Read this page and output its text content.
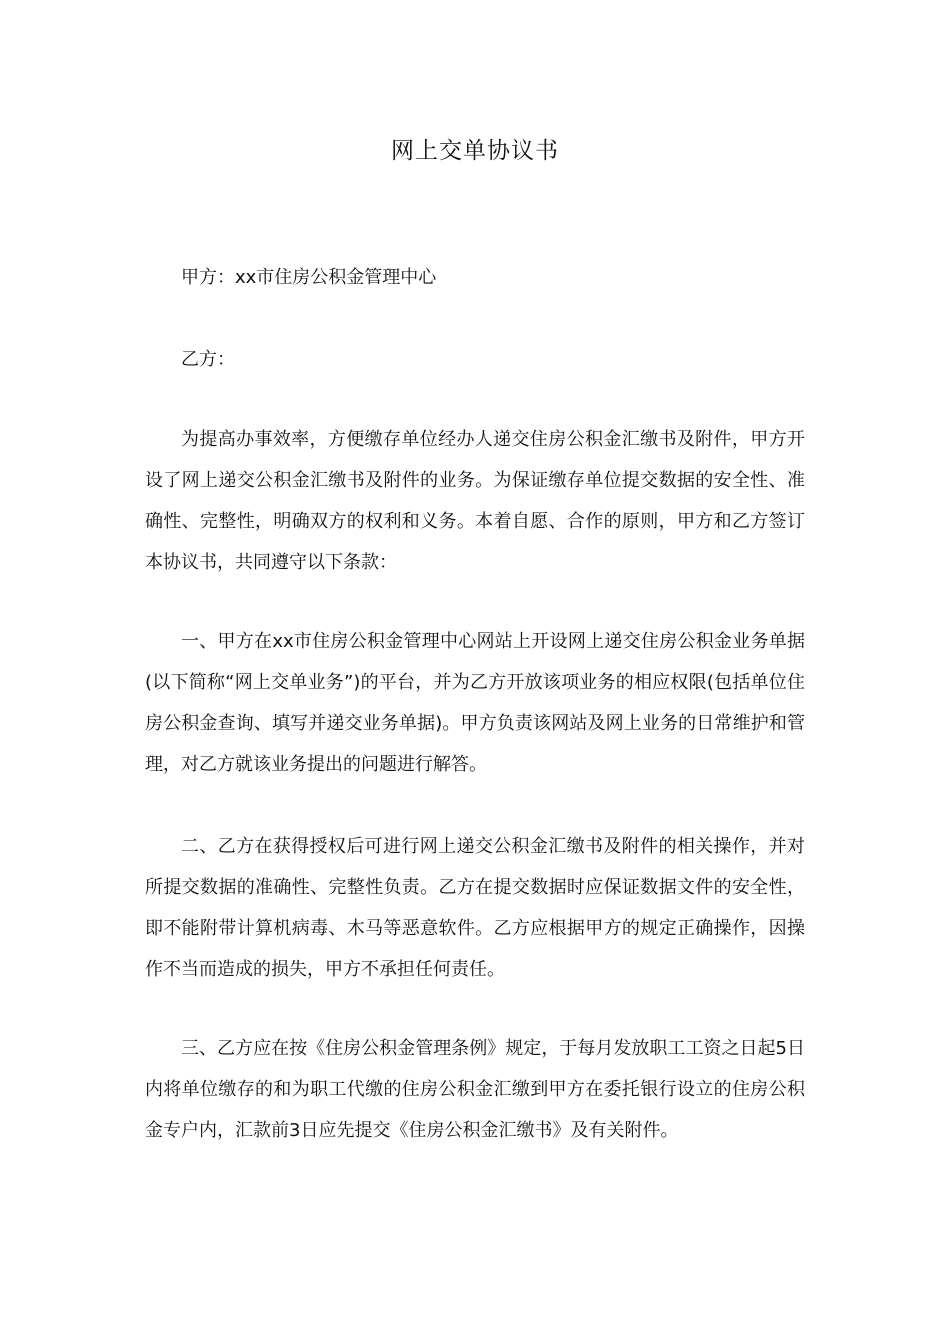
网上交单协议书
甲方：xx市住房公积金管理中心
乙方：
为提高办事效率，方便缴存单位经办人递交住房公积金汇缴书及附件，甲方开设了网上递交公积金汇缴书及附件的业务。为保证缴存单位提交数据的安全性、准确性、完整性，明确双方的权利和义务。本着自愿、合作的原则，甲方和乙方签订本协议书，共同遵守以下条款：
一、甲方在xx市住房公积金管理中心网站上开设网上递交住房公积金业务单据(以下简称“网上交单业务”)的平台，并为乙方开放该项业务的相应权限(包括单位住房公积金查询、填写并递交业务单据)。甲方负责该网站及网上业务的日常维护和管理，对乙方就该业务提出的问题进行解答。
二、乙方在获得授权后可进行网上递交公积金汇缴书及附件的相关操作，并对所提交数据的准确性、完整性负责。乙方在提交数据时应保证数据文件的安全性，即不能附带计算机病毒、木马等恶意软件。乙方应根据甲方的规定正确操作，因操作不当而造成的损失，甲方不承担任何责任。
三、乙方应在按《住房公积金管理条例》规定，于每月发放职工工资之日起5日内将单位缴存的和为职工代缴的住房公积金汇缴到甲方在委托银行设立的住房公积金专户内，汇款前3日应先提交《住房公积金汇缴书》及有关附件。
